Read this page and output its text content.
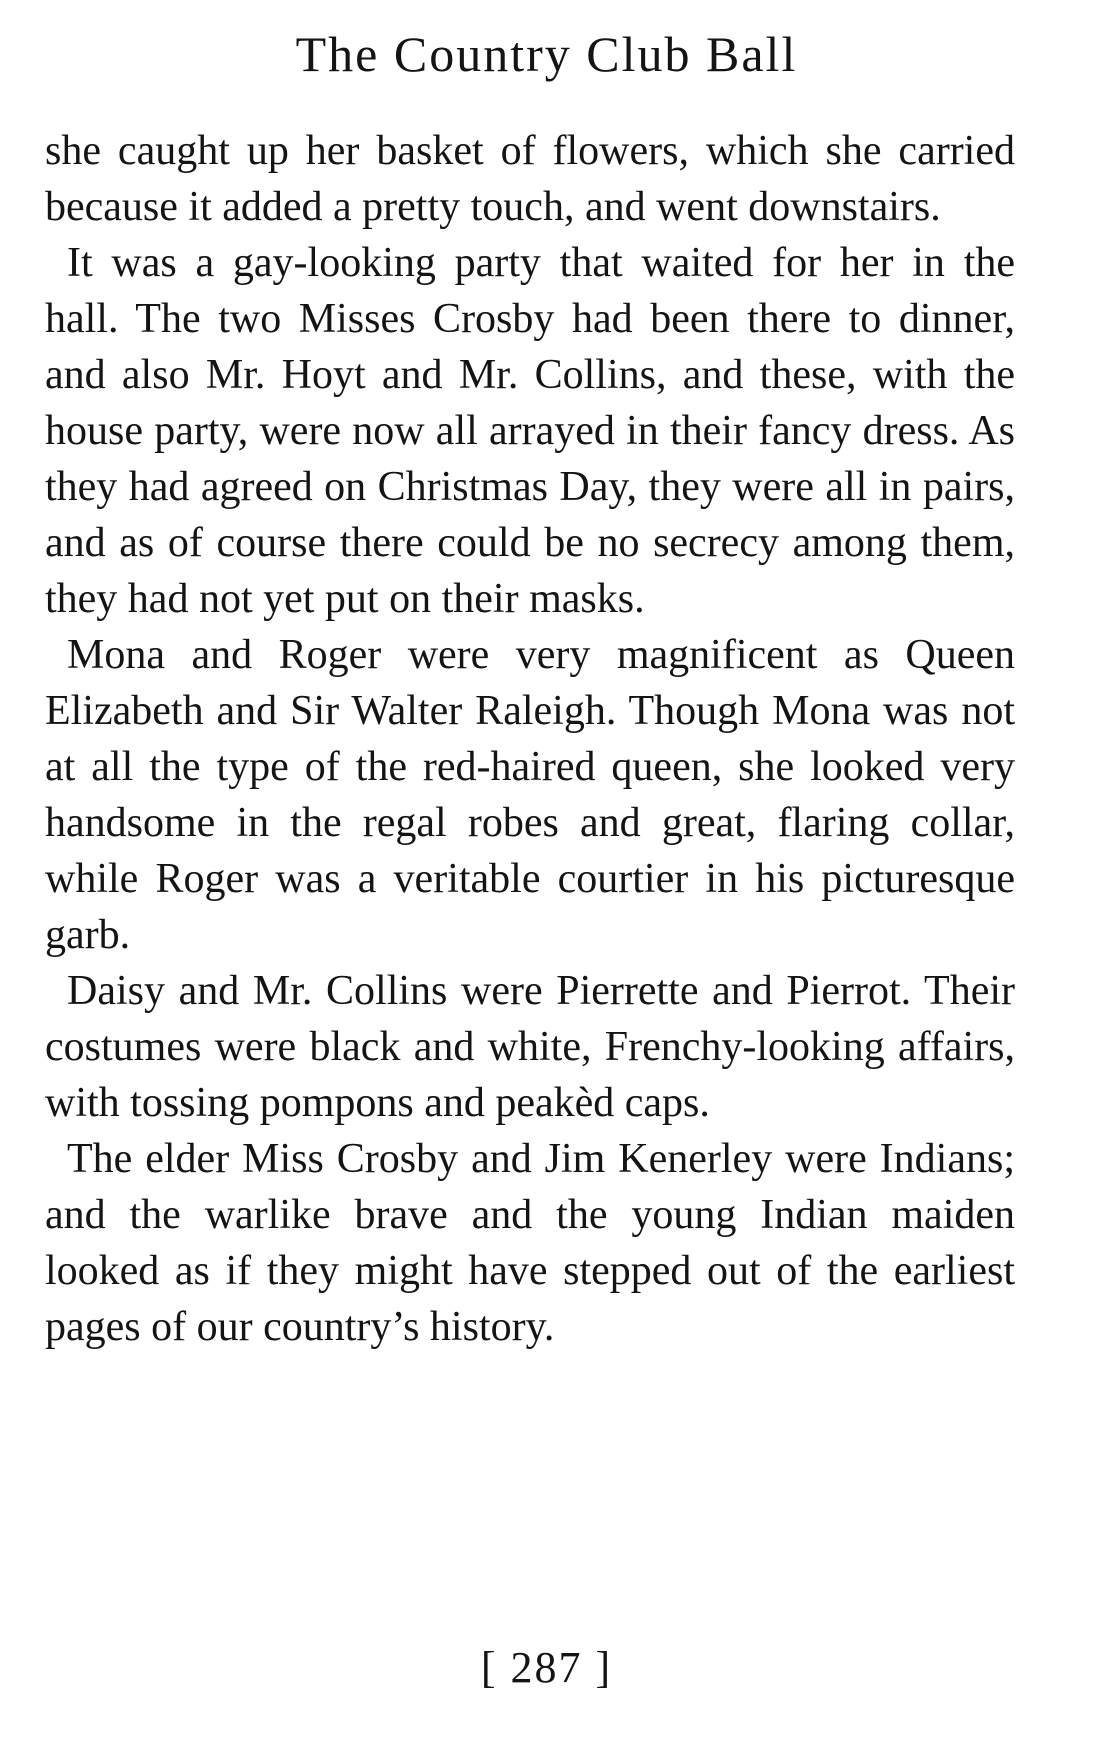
The Country Club Ball

she caught up her basket of flowers, which she carried because it added a pretty touch, and went downstairs.

It was a gay-looking party that waited for her in the hall. The two Misses Crosby had been there to dinner, and also Mr. Hoyt and Mr. Collins, and these, with the house party, were now all arrayed in their fancy dress. As they had agreed on Christmas Day, they were all in pairs, and as of course there could be no secrecy among them, they had not yet put on their masks.

Mona and Roger were very magnificent as Queen Elizabeth and Sir Walter Raleigh. Though Mona was not at all the type of the red-haired queen, she looked very handsome in the regal robes and great, flaring collar, while Roger was a veritable courtier in his picturesque garb.

Daisy and Mr. Collins were Pierrette and Pierrot. Their costumes were black and white, Frenchy-looking affairs, with tossing pompons and peakèd caps.

The elder Miss Crosby and Jim Kenerley were Indians; and the warlike brave and the young Indian maiden looked as if they might have stepped out of the earliest pages of our country’s history.

[ 287 ]
